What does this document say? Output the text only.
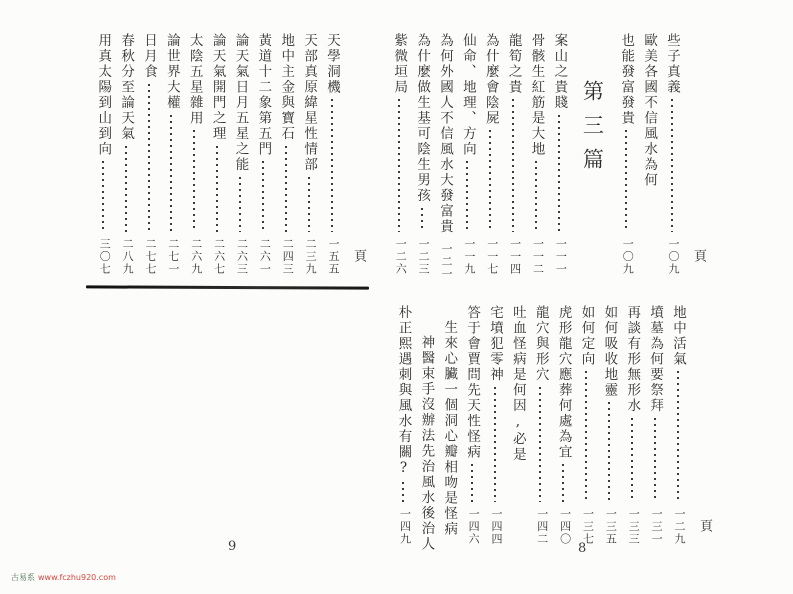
頁
天學洞機
一五五
天部真原緯星性情部
二三九
地中主金與寶石
二四三
黃道十二象第五門
二六一
論天氣日月五星之能
二六三
論天氣開門之理
二六七
太陰五星雜用
二六九
論世界大權
二七一
日月食
二七七
春秋分至論天氣
二八九
用真太陽到山到向
三〇七	頁
些子真義
一〇九
歐美各國不信風水為何
也能發富發貴
一〇九
第三篇
案山之貴賤
一一一
骨骸生紅筋是大地
一一二
龍筍之貴
一一四
為什麼會陰屍
一一七
仙命、地理、方向
一一九
為何外國人不信風水大發富貴
一二一
為什麼做生基可陰生男孩
一二三
紫微垣局
一二六
頁
地中活氣
一二九
墳墓為何要祭拜
一三一
再談有形無形水
一三三
如何吸收地靈
一三五
如何定向
一三七
虎形龍穴應葬何處為宜
一四〇
龍穴與形穴
一四二
吐血怪病是何因,必是
宅墳犯零神
一四四
答于會賈問先天性怪病
一四六
生來心臟一個洞心瓣相吻是怪病
神醫束手沒辦法先治風水後治人
朴正熙遇刺與風水有關?
一四九
9	8
古易系 www.fczhu920.com
